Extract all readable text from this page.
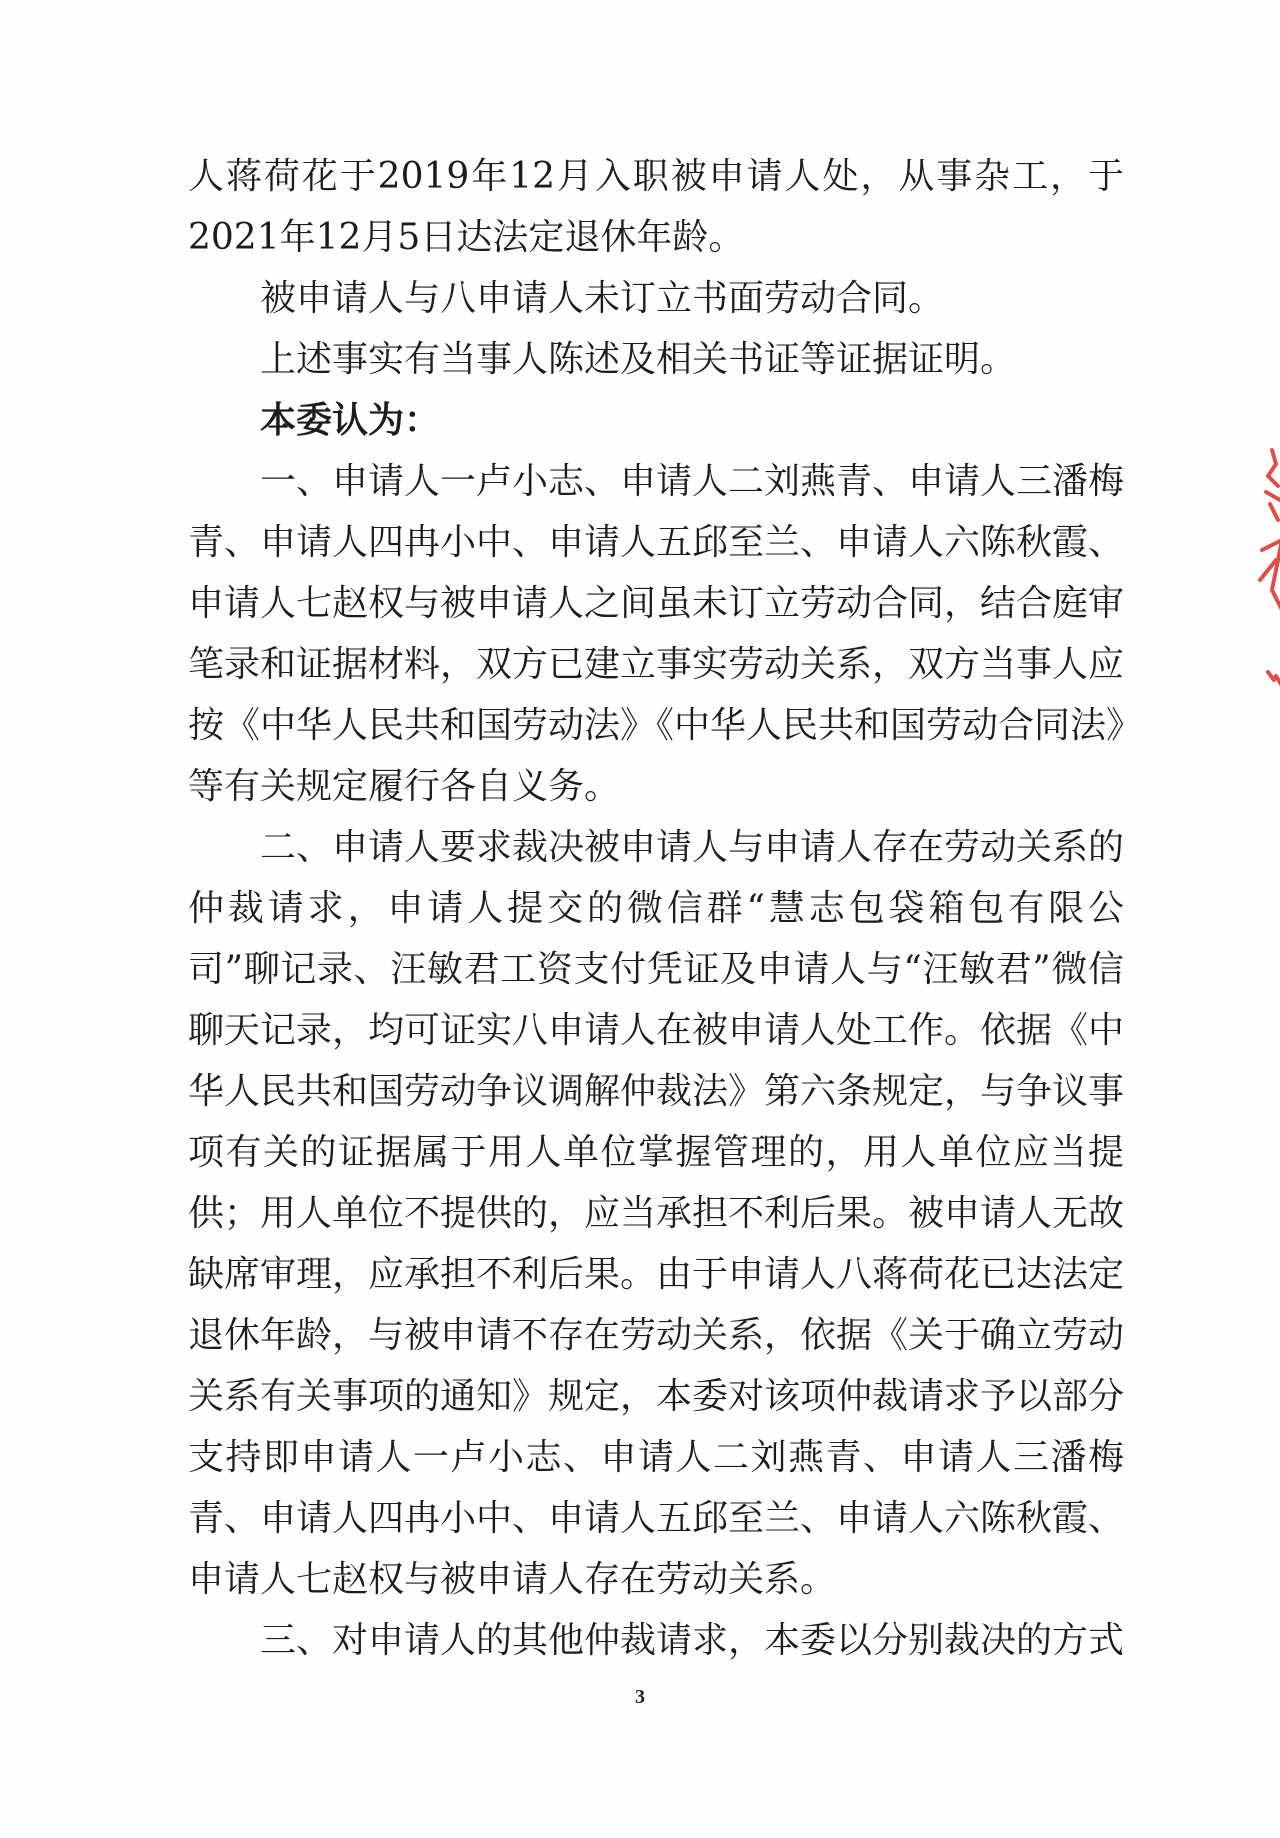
人蒋荷花于2019年12月入职被申请人处，从事杂工，于2021年12月5日达法定退休年龄。

被申请人与八申请人未订立书面劳动合同。

上述事实有当事人陈述及相关书证等证据证明。

本委认为：

一、申请人一卢小志、申请人二刘燕青、申请人三潘梅青、申请人四冉小中、申请人五邱至兰、申请人六陈秋霞、申请人七赵权与被申请人之间虽未订立劳动合同，结合庭审笔录和证据材料，双方已建立事实劳动关系，双方当事人应按《中华人民共和国劳动法》《中华人民共和国劳动合同法》等有关规定履行各自义务。

二、申请人要求裁决被申请人与申请人存在劳动关系的仲裁请求，申请人提交的微信群“慧志包袋箱包有限公司”聊记录、汪敏君工资支付凭证及申请人与“汪敏君”微信聊天记录，均可证实八申请人在被申请人处工作。依据《中华人民共和国劳动争议调解仲裁法》第六条规定，与争议事项有关的证据属于用人单位掌握管理的，用人单位应当提供；用人单位不提供的，应当承担不利后果。被申请人无故缺席审理，应承担不利后果。由于申请人八蒋荷花已达法定退休年龄，与被申请不存在劳动关系，依据《关于确立劳动关系有关事项的通知》规定，本委对该项仲裁请求予以部分支持即申请人一卢小志、申请人二刘燕青、申请人三潘梅青、申请人四冉小中、申请人五邱至兰、申请人六陈秋霞、申请人七赵权与被申请人存在劳动关系。

三、对申请人的其他仲裁请求，本委以分别裁决的方式

3
